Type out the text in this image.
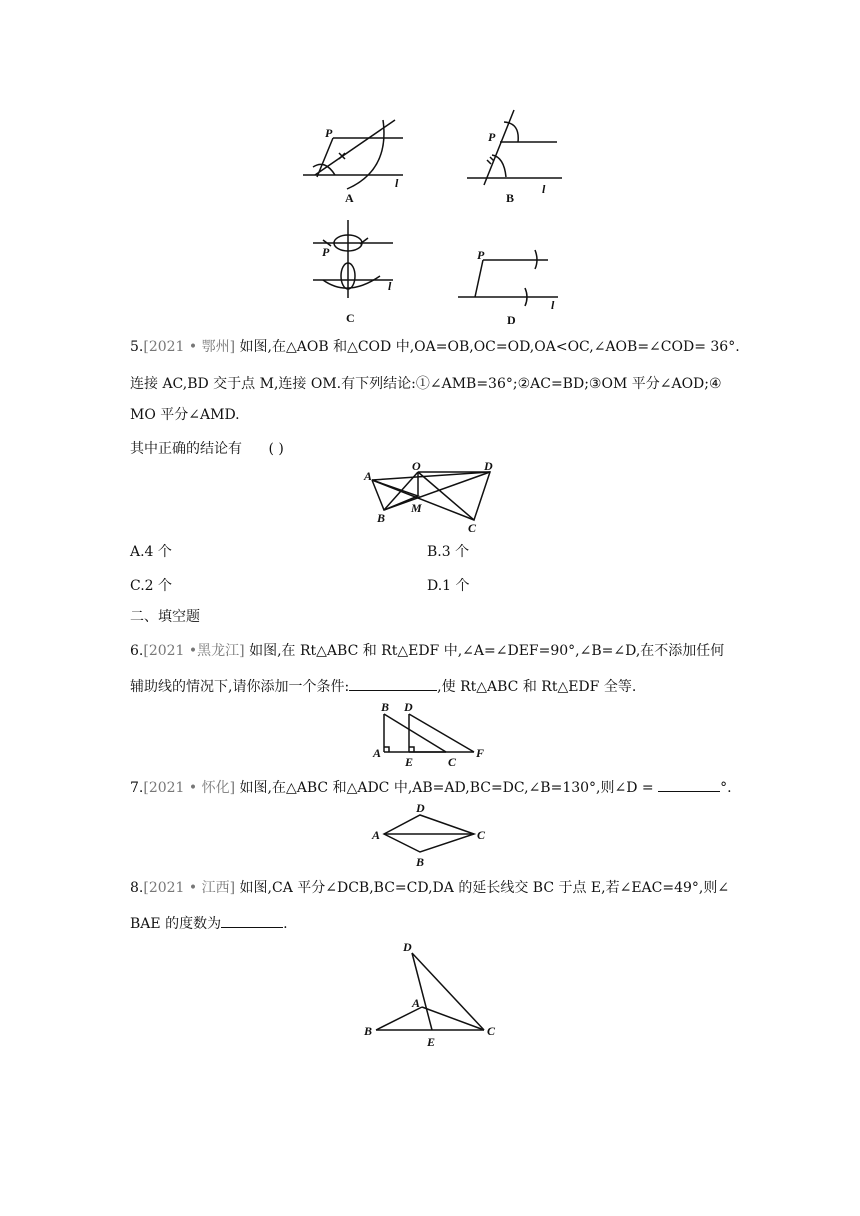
P
l
A
P
l
B
P
l
C
P
l
D
5.[2021 • 鄂州] 如图,在△AOB 和△COD 中,OA=OB,OC=OD,OA<OC,∠AOB=∠COD= 36°.
连接 AC,BD 交于点 M,连接 OM.有下列结论:①∠AMB=36°;②AC=BD;③OM 平分∠AOD;④
MO 平分∠AMD.
其中正确的结论有 ( )
A
O	D
B
M
C
A.4 个	B.3 个
C.2 个	D.1 个
二、填空题
6.[2021 •黑龙江] 如图,在 Rt△ABC 和 Rt△EDF 中,∠A=∠DEF=90°,∠B=∠D,在不添加任何
辅助线的情况下,请你添加一个条件:	,使 Rt△ABC 和 Rt△EDF 全等.
B D
A
E	C
F
7.[2021 • 怀化] 如图,在△ABC 和△ADC 中,AB=AD,BC=DC,∠B=130°,则∠D =	°.
D
A	C
B
8.[2021 • 江西] 如图,CA 平分∠DCB,BC=CD,DA 的延长线交 BC 于点 E,若∠EAC=49°,则∠
BAE 的度数为	.
D
A
B
E
C
